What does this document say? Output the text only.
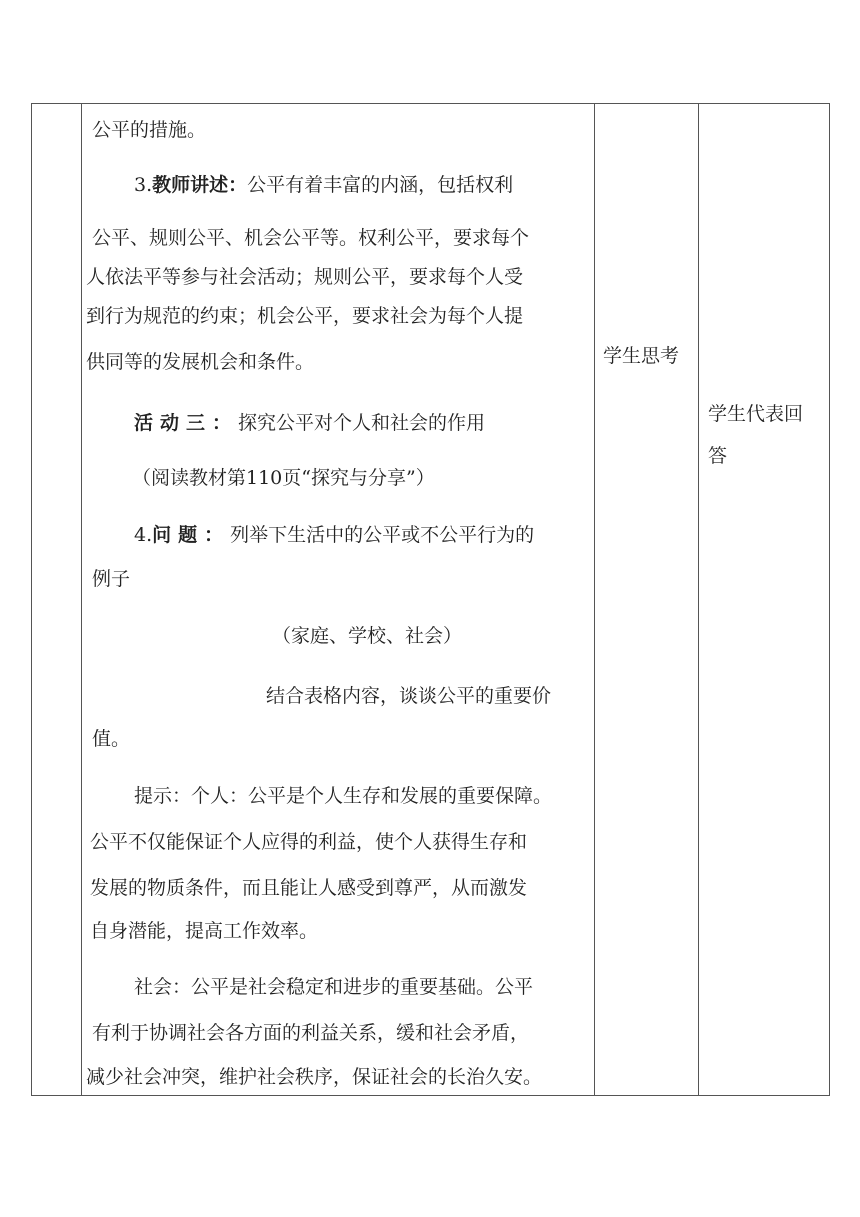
公平的措施。
3.教师讲述：公平有着丰富的内涵，包括权利
公平、规则公平、机会公平等。权利公平，要求每个
人依法平等参与社会活动；规则公平，要求每个人受
到行为规范的约束；机会公平，要求社会为每个人提
供同等的发展机会和条件。
活动三：探究公平对个人和社会的作用
（阅读教材第110页“探究与分享”）
4.问题：列举下生活中的公平或不公平行为的
例子
（家庭、学校、社会）
结合表格内容，谈谈公平的重要价
值。
提示：个人：公平是个人生存和发展的重要保障。
公平不仅能保证个人应得的利益，使个人获得生存和
发展的物质条件，而且能让人感受到尊严，从而激发
自身潜能，提高工作效率。
社会：公平是社会稳定和进步的重要基础。公平
有利于协调社会各方面的利益关系，缓和社会矛盾，
减少社会冲突，维护社会秩序，保证社会的长治久安。
学生思考
学生代表回
答
